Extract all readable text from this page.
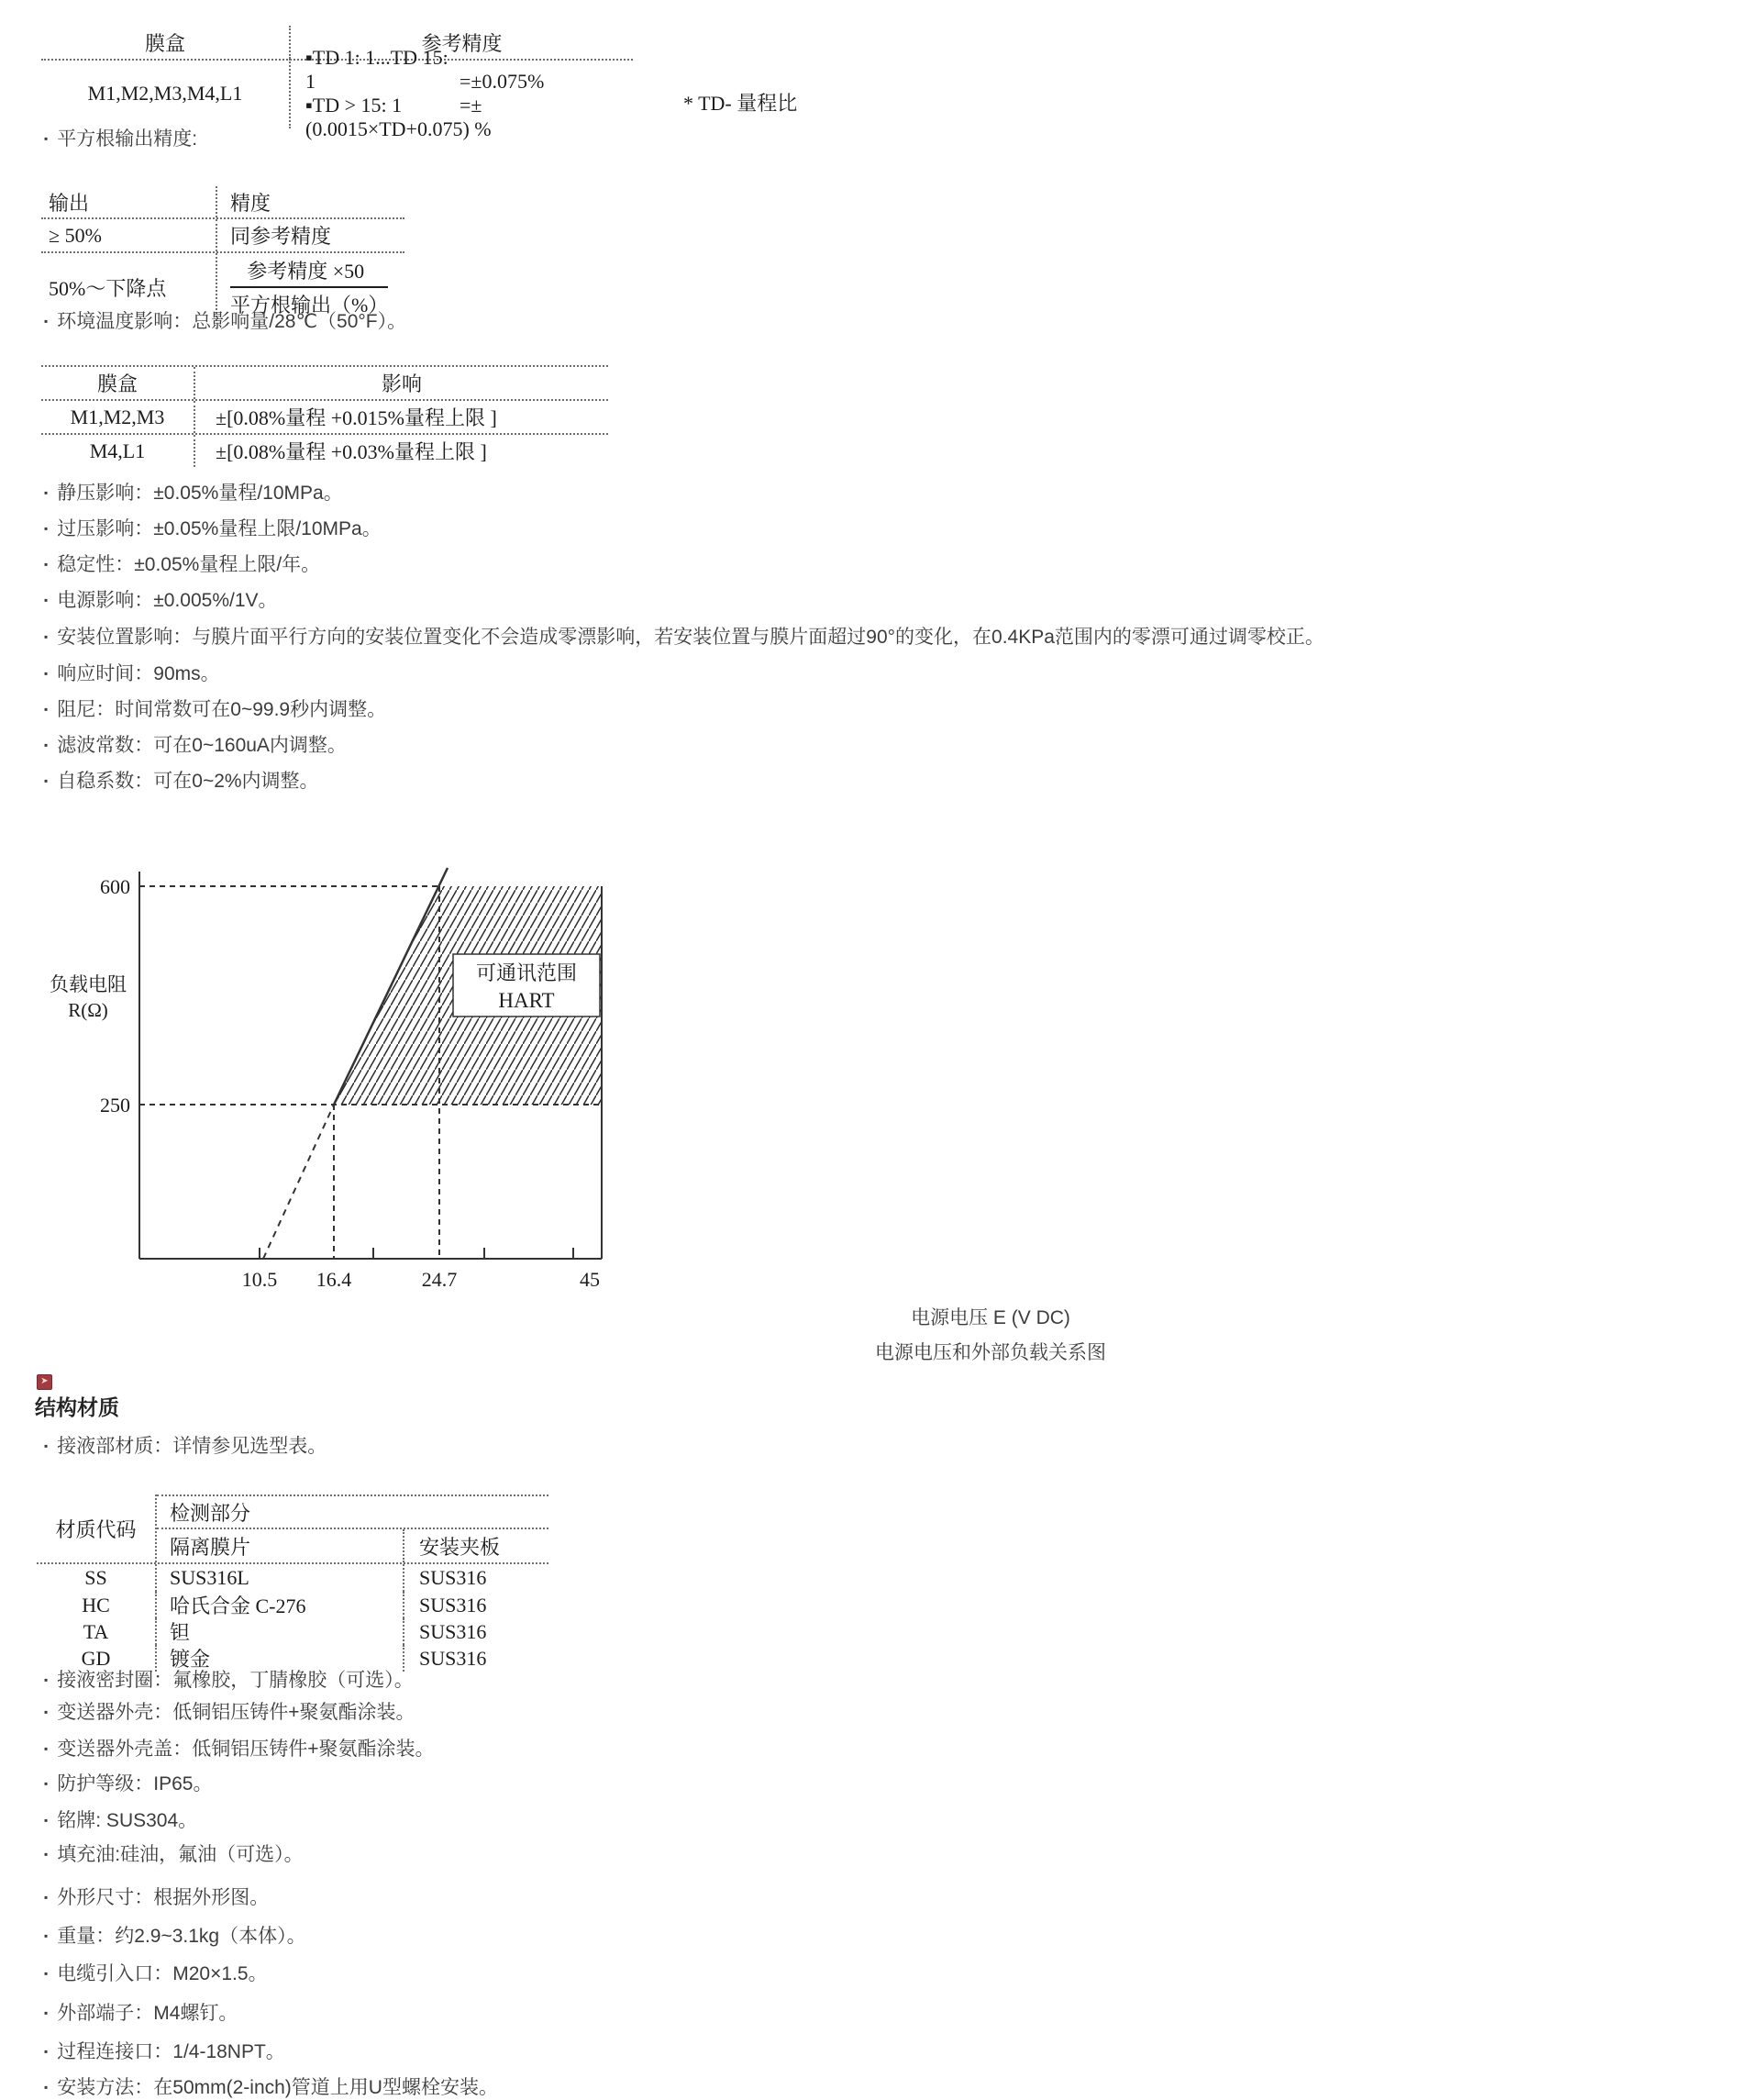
膜盒	参考精度
M1,M2,M3,M4,L1
▪TD 1: 1...TD 15: 1	=±0.075%
▪TD > 15: 1	=±(0.0015×TD+0.075) %
* TD- 量程比
▪ 平方根输出精度:
输出	精度
≥ 50%	同参考精度
50%～下降点	$\frac{\text{参考精度 ×50}}{\text{平方根输出（\%）}}$
▪ 环境温度影响：总影响量/28℃（50°F）。
膜盒	影响
M1,M2,M3	±[0.08%量程 +0.015%量程上限 ]
M4,L1	±[0.08%量程 +0.03%量程上限 ]
▪ 静压影响：±0.05%量程/10MPa。
▪ 过压影响：±0.05%量程上限/10MPa。
▪ 稳定性：±0.05%量程上限/年。
▪ 电源影响：±0.005%/1V。
▪ 安装位置影响：与膜片面平行方向的安装位置变化不会造成零漂影响，若安装位置与膜片面超过90°的变化，在0.4KPa范围内的零漂可通过调零校正。
▪ 响应时间：90ms。
▪ 阻尼：时间常数可在0~99.9秒内调整。
▪ 滤波常数：可在0~160uA内调整。
▪ 自稳系数：可在0~2%内调整。
可通讯范围
HART
600
250
负载电阻
R(Ω)
10.5 16.4	24.7	45
电源电压 E (V DC)
电源电压和外部负载关系图
➤
结构材质
▪ 接液部材质：详情参见选型表。
材质代码
检测部分
隔离膜片	安装夹板
SS	SUS316L	SUS316
HC	哈氏合金 C-276	SUS316
TA	钽	SUS316
GD	镀金	SUS316
▪ 接液密封圈：氟橡胶，丁腈橡胶（可选）。
▪ 变送器外壳：低铜铝压铸件+聚氨酯涂装。
▪ 变送器外壳盖：低铜铝压铸件+聚氨酯涂装。
▪ 防护等级：IP65。
▪ 铭牌: SUS304。
▪ 填充油:硅油，氟油（可选）。
▪ 外形尺寸：根据外形图。
▪ 重量：约2.9~3.1kg（本体）。
▪ 电缆引入口：M20×1.5。
▪ 外部端子：M4螺钉。
▪ 过程连接口：1/4-18NPT。
▪ 安装方法：在50mm(2-inch)管道上用U型螺栓安装。
